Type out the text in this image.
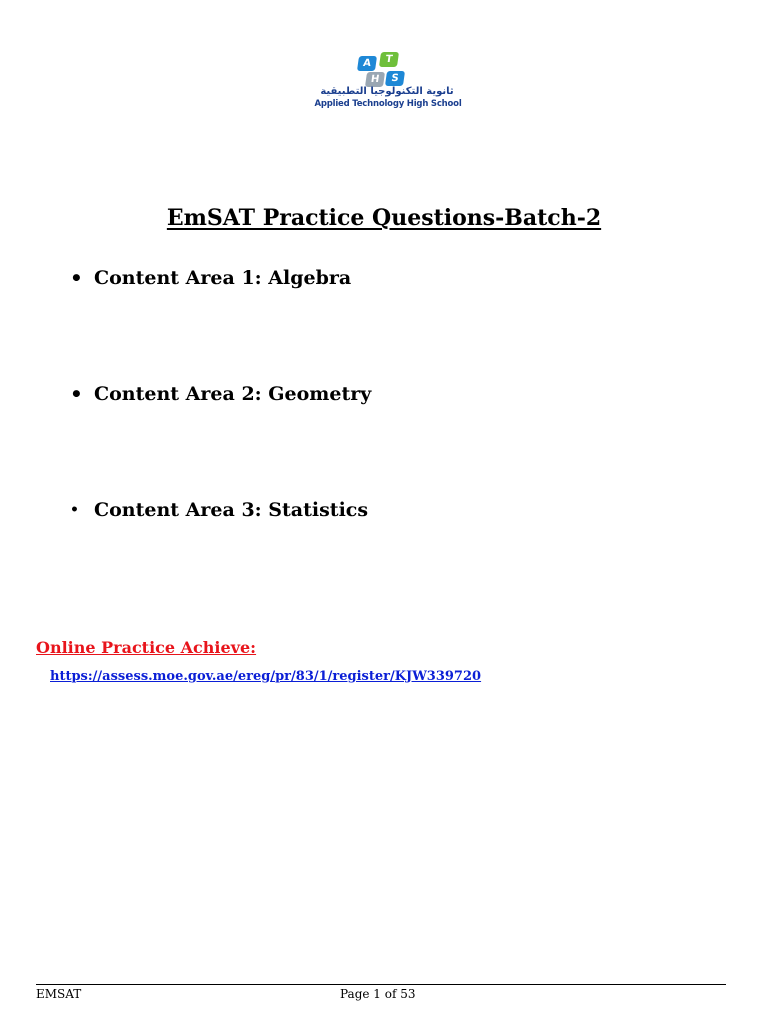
A	T
H	S
ثانوية التكنولوجيا التطبيقية
Applied Technology High School
EmSAT Practice Questions-Batch-2
• Content Area 1: Algebra
• Content Area 2: Geometry
• Content Area 3: Statistics
Online Practice Achieve:
https://assess.moe.gov.ae/ereg/pr/83/1/register/KJW339720
EMSAT	Page 1 of 53
